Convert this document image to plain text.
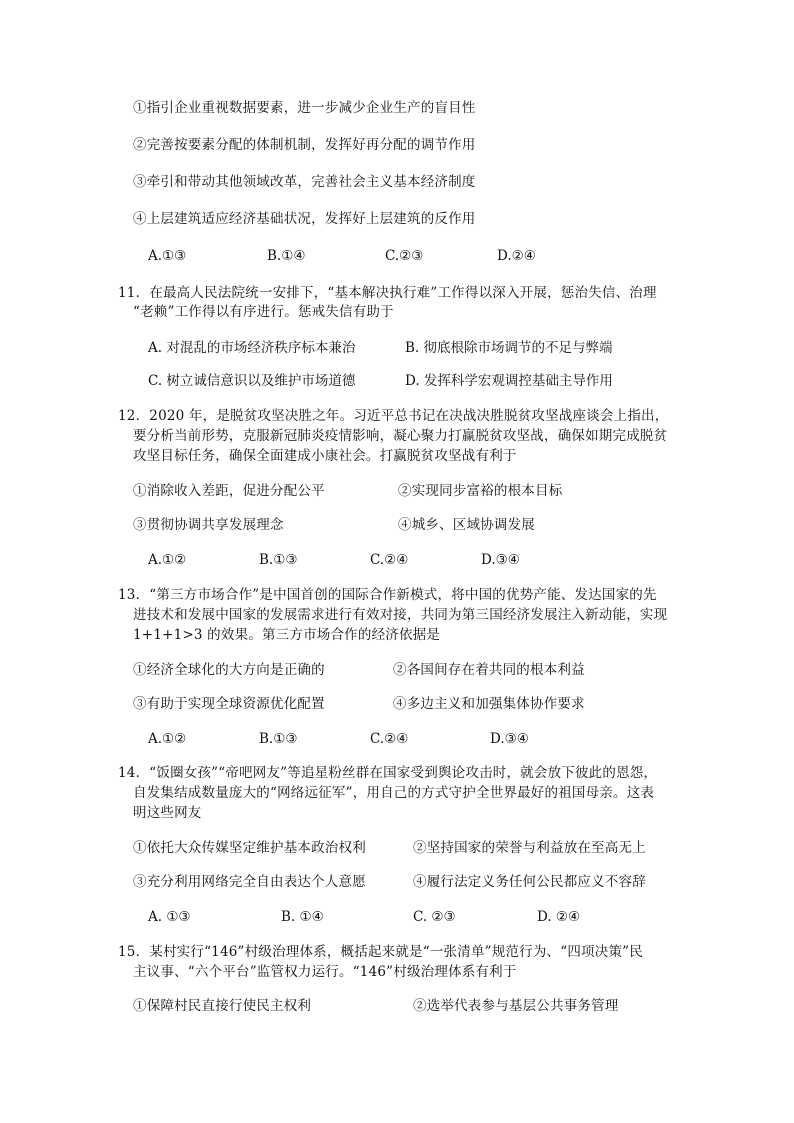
①指引企业重视数据要素，进一步减少企业生产的盲目性
②完善按要素分配的体制机制，发挥好再分配的调节作用
③牵引和带动其他领域改革，完善社会主义基本经济制度
④上层建筑适应经济基础状况，发挥好上层建筑的反作用
A.①③	B.①④	C.②③	D.②④
11．在最高人民法院统一安排下，“基本解决执行难”工作得以深入开展，惩治失信、治理
“老赖”工作得以有序进行。惩戒失信有助于
A. 对混乱的市场经济秩序标本兼治	B. 彻底根除市场调节的不足与弊端
C. 树立诚信意识以及维护市场道德	D. 发挥科学宏观调控基础主导作用
12．2020 年，是脱贫攻坚决胜之年。习近平总书记在决战决胜脱贫攻坚战座谈会上指出，
要分析当前形势，克服新冠肺炎疫情影响，凝心聚力打赢脱贫攻坚战，确保如期完成脱贫
攻坚目标任务，确保全面建成小康社会。打赢脱贫攻坚战有利于
①消除收入差距，促进分配公平	②实现同步富裕的根本目标
③贯彻协调共享发展理念	④城乡、区域协调发展
A.①②	B.①③	C.②④	D.③④
13．“第三方市场合作”是中国首创的国际合作新模式，将中国的优势产能、发达国家的先
进技术和发展中国家的发展需求进行有效对接，共同为第三国经济发展注入新动能，实现
1+1+1>3 的效果。第三方市场合作的经济依据是
①经济全球化的大方向是正确的	②各国间存在着共同的根本利益
③有助于实现全球资源优化配置	④多边主义和加强集体协作要求
A.①②	B.①③	C.②④	D.③④
14．“饭圈女孩”“帝吧网友”等追星粉丝群在国家受到舆论攻击时，就会放下彼此的恩怨，
自发集结成数量庞大的“网络远征军”，用自己的方式守护全世界最好的祖国母亲。这表
明这些网友
①依托大众传媒坚定维护基本政治权利	②坚持国家的荣誉与利益放在至高无上
③充分利用网络完全自由表达个人意愿	④履行法定义务任何公民都应义不容辞
A. ①③	B. ①④	C. ②③	D. ②④
15．某村实行“146”村级治理体系，概括起来就是“一张清单”规范行为、“四项决策”民
主议事、“六个平台”监管权力运行。“146”村级治理体系有利于
①保障村民直接行使民主权利	②选举代表参与基层公共事务管理
